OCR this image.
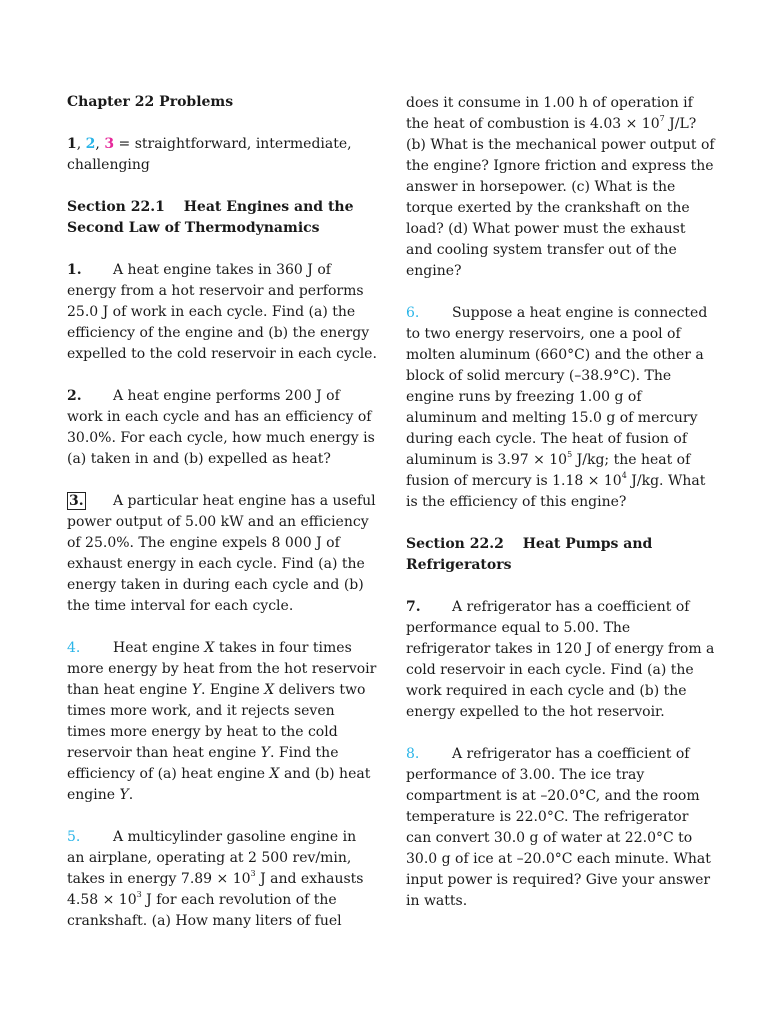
Chapter 22 Problems

1, 2, 3 = straightforward, intermediate, challenging

Section 22.1  Heat Engines and the Second Law of Thermodynamics

1. A heat engine takes in 360 J of energy from a hot reservoir and performs 25.0 J of work in each cycle. Find (a) the efficiency of the engine and (b) the energy expelled to the cold reservoir in each cycle.

2. A heat engine performs 200 J of work in each cycle and has an efficiency of 30.0%. For each cycle, how much energy is (a) taken in and (b) expelled as heat?

3. A particular heat engine has a useful power output of 5.00 kW and an efficiency of 25.0%. The engine expels 8 000 J of exhaust energy in each cycle. Find (a) the energy taken in during each cycle and (b) the time interval for each cycle.

4. Heat engine X takes in four times more energy by heat from the hot reservoir than heat engine Y. Engine X delivers two times more work, and it rejects seven times more energy by heat to the cold reservoir than heat engine Y. Find the efficiency of (a) heat engine X and (b) heat engine Y.

5. A multicylinder gasoline engine in an airplane, operating at 2 500 rev/min, takes in energy $7.89 \times 10^3$ J and exhausts $4.58 \times 10^3$ J for each revolution of the crankshaft. (a) How many liters of fuel

does it consume in 1.00 h of operation if the heat of combustion is $4.03 \times 10^7$ J/L? (b) What is the mechanical power output of the engine? Ignore friction and express the answer in horsepower. (c) What is the torque exerted by the crankshaft on the load? (d) What power must the exhaust and cooling system transfer out of the engine?

6. Suppose a heat engine is connected to two energy reservoirs, one a pool of molten aluminum (660°C) and the other a block of solid mercury (–38.9°C). The engine runs by freezing 1.00 g of aluminum and melting 15.0 g of mercury during each cycle. The heat of fusion of aluminum is $3.97 \times 10^5$ J/kg; the heat of fusion of mercury is $1.18 \times 10^4$ J/kg. What is the efficiency of this engine?

Section 22.2  Heat Pumps and Refrigerators

7. A refrigerator has a coefficient of performance equal to 5.00. The refrigerator takes in 120 J of energy from a cold reservoir in each cycle. Find (a) the work required in each cycle and (b) the energy expelled to the hot reservoir.

8. A refrigerator has a coefficient of performance of 3.00. The ice tray compartment is at –20.0°C, and the room temperature is 22.0°C. The refrigerator can convert 30.0 g of water at 22.0°C to 30.0 g of ice at –20.0°C each minute. What input power is required? Give your answer in watts.
